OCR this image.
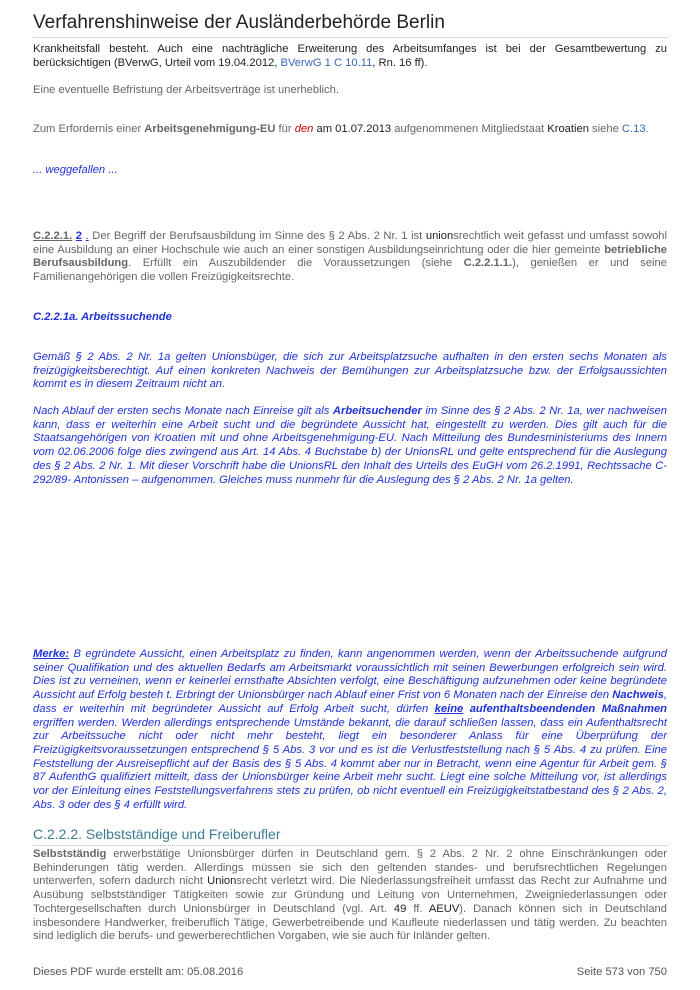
Verfahrenshinweise der Ausländerbehörde Berlin
Krankheitsfall besteht. Auch eine nachträgliche Erweiterung des Arbeitsumfanges ist bei der Gesamtbewertung zu berücksichtigen (BVerwG, Urteil vom 19.04.2012, BVerwG 1 C 10.11, Rn. 16 ff).
Eine eventuelle Befristung der Arbeitsverträge ist unerheblich.
Zum Erfordernis einer Arbeitsgenehmigung-EU für den am 01.07.2013 aufgenommenen Mitgliedstaat Kroatien siehe C.13.
... weggefallen ...
C.2.2.1. 2 . Der Begriff der Berufsausbildung im Sinne des § 2 Abs. 2 Nr. 1 ist unionsrechtlich weit gefasst und umfasst sowohl eine Ausbildung an einer Hochschule wie auch an einer sonstigen Ausbildungseinrichtung oder die hier gemeinte betriebliche Berufsausbildung. Erfüllt ein Auszubildender die Voraussetzungen (siehe C.2.2.1.1.), genießen er und seine Familienangehörigen die vollen Freizügigkeitsrechte.
C.2.2.1a. Arbeitssuchende
Gemäß § 2 Abs. 2 Nr. 1a gelten Unionsbüger, die sich zur Arbeitsplatzsuche aufhalten in den ersten sechs Monaten als freizügigkeitsberechtigt. Auf einen konkreten Nachweis der Bemühungen zur Arbeitsplatzsuche bzw. der Erfolgsaussichten kommt es in diesem Zeitraum nicht an.
Nach Ablauf der ersten sechs Monate nach Einreise gilt als Arbeitsuchender im Sinne des § 2 Abs. 2 Nr. 1a, wer nachweisen kann, dass er weiterhin eine Arbeit sucht und die begründete Aussicht hat, eingestellt zu werden. Dies gilt auch für die Staatsangehörigen von Kroatien mit und ohne Arbeitsgenehmigung-EU. Nach Mitteilung des Bundesministeriums des Innern vom 02.06.2006 folge dies zwingend aus Art. 14 Abs. 4 Buchstabe b) der UnionsRL und gelte entsprechend für die Auslegung des § 2 Abs. 2 Nr. 1. Mit dieser Vorschrift habe die UnionsRL den Inhalt des Urteils des EuGH vom 26.2.1991, Rechtssache C- 292/89- Antonissen – aufgenommen. Gleiches muss nunmehr für die Auslegung des § 2 Abs. 2 Nr. 1a gelten.
Merke: B egründete Aussicht, einen Arbeitsplatz zu finden, kann angenommen werden, wenn der Arbeitssuchende aufgrund seiner Qualifikation und des aktuellen Bedarfs am Arbeitsmarkt voraussichtlich mit seinen Bewerbungen erfolgreich sein wird. Dies ist zu verneinen, wenn er keinerlei ernsthafte Absichten verfolgt, eine Beschäftigung aufzunehmen oder keine begründete Aussicht auf Erfolg besteh t. Erbringt der Unionsbürger nach Ablauf einer Frist von 6 Monaten nach der Einreise den Nachweis, dass er weiterhin mit begründeter Aussicht auf Erfolg Arbeit sucht, dürfen keine aufenthaltsbeendenden Maßnahmen ergriffen werden. Werden allerdings entsprechende Umstände bekannt, die darauf schließen lassen, dass ein Aufenthaltsrecht zur Arbeitssuche nicht oder nicht mehr besteht, liegt ein besonderer Anlass für eine Überprüfung der Freizügigkeitsvoraussetzungen entsprechend § 5 Abs. 3 vor und es ist die Verlustfeststellung nach § 5 Abs. 4 zu prüfen. Eine Feststellung der Ausreisepflicht auf der Basis des § 5 Abs. 4 kommt aber nur in Betracht, wenn eine Agentur für Arbeit gem. § 87 AufenthG qualifiziert mitteilt, dass der Unionsbürger keine Arbeit mehr sucht. Liegt eine solche Mitteilung vor, ist allerdings vor der Einleitung eines Feststellungsverfahrens stets zu prüfen, ob nicht eventuell ein Freizügigkeitstatbestand des § 2 Abs. 2, Abs. 3 oder des § 4 erfüllt wird.
C.2.2.2. Selbstständige und Freiberufler
Selbstständig erwerbstätige Unionsbürger dürfen in Deutschland gem. § 2 Abs. 2 Nr. 2 ohne Einschränkungen oder Behinderungen tätig werden. Allerdings müssen sie sich den geltenden standes- und berufsrechtlichen Regelungen unterwerfen, sofern dadurch nicht Unionsrecht verletzt wird. Die Niederlassungsfreiheit umfasst das Recht zur Aufnahme und Ausübung selbstständiger Tätigkeiten sowie zur Gründung und Leitung von Unternehmen, Zweigniederlassungen oder Tochtergesellschaften durch Unionsbürger in Deutschland (vgl. Art. 49 ff. AEUV). Danach können sich in Deutschland insbesondere Handwerker, freiberuflich Tätige, Gewerbetreibende und Kaufleute niederlassen und tätig werden. Zu beachten sind lediglich die berufs- und gewerberechtlichen Vorgaben, wie sie auch für Inländer gelten.
Dieses PDF wurde erstellt am: 05.08.2016	Seite 573 von 750
